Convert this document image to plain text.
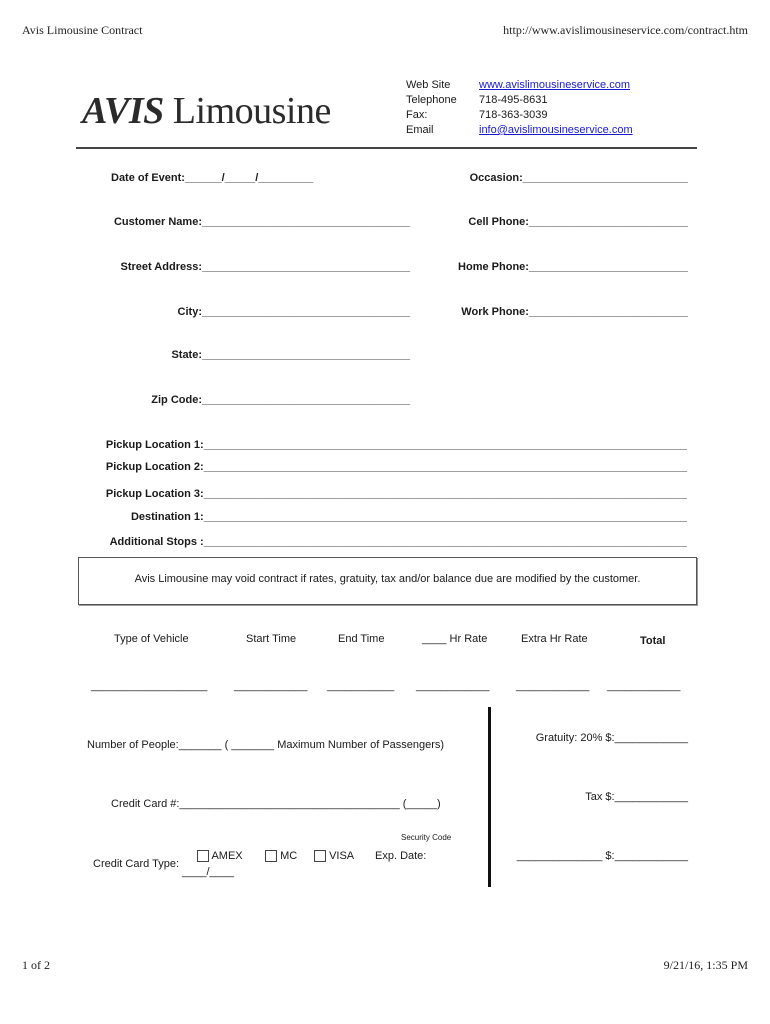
Avis Limousine Contract	http://www.avislimousineservice.com/contract.htm
AVIS Limousine
Web Site	www.avislimousineservice.com
Telephone 718-495-8631
Fax:	718-363-3039
Email	info@avislimousineservice.com
Date of Event:______/_____/_________	Occasion:___________________________
Customer Name:__________________________________	Cell Phone:__________________________
Street Address:__________________________________	Home Phone:__________________________
City:__________________________________	Work Phone:__________________________
State:__________________________________
Zip Code:__________________________________
Pickup Location 1:_______________________________________________________________________________
Pickup Location 2:_______________________________________________________________________________
Pickup Location 3:_______________________________________________________________________________
Destination 1:_______________________________________________________________________________
Additional Stops :_______________________________________________________________________________
Avis Limousine may void contract if rates, gratuity, tax and/or balance due are modified by the customer.
Type of Vehicle	Start Time	End Time	____ Hr Rate	Extra Hr Rate	Total
___________________ ____________ ___________ ____________ ____________ ____________
Number of People:_______ ( _______ Maximum Number of Passengers)
Credit Card #:____________________________________ (_____)
Security Code
Credit Card Type:
AMEX	MC	VISA Exp. Date:
____/____
Gratuity: 20% $:____________
Tax $:____________
______________ $:____________
1 of 2	9/21/16, 1:35 PM
